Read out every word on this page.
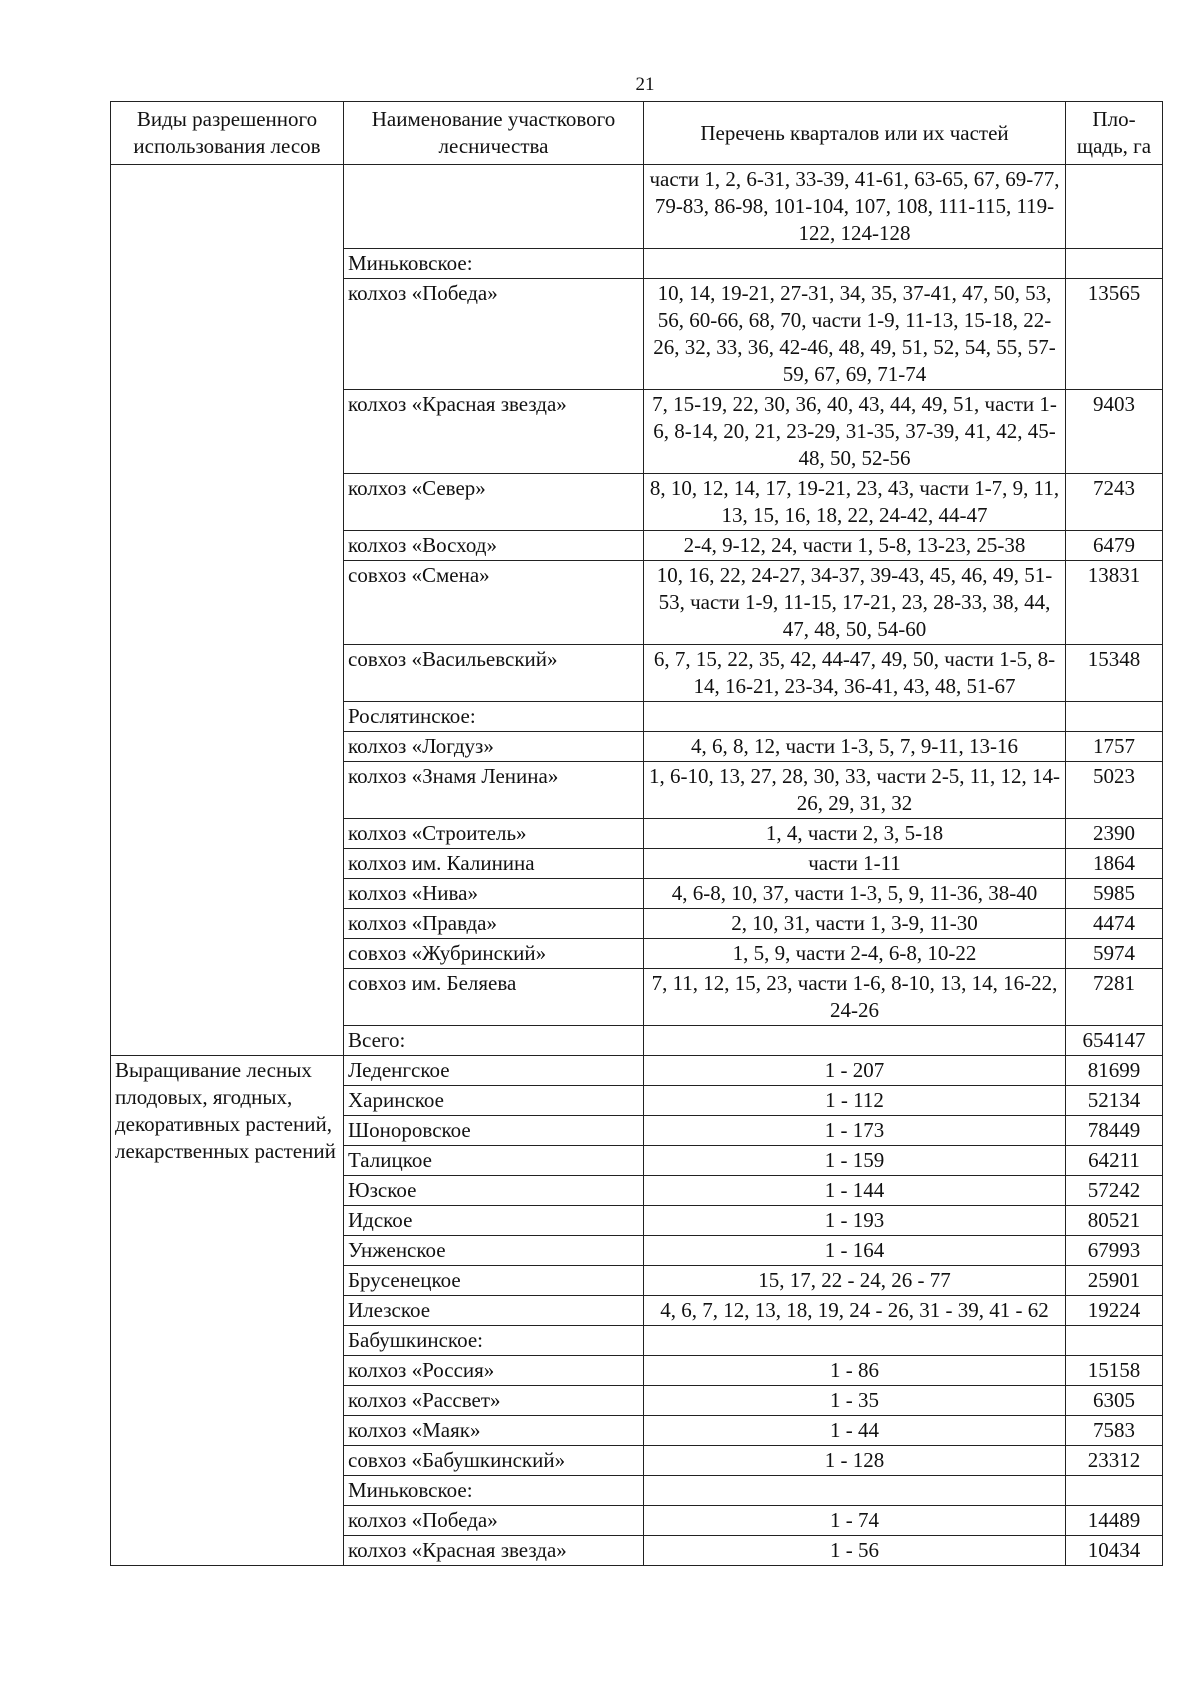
21
Виды разрешенного использования лесов	Наименование участкового лесничества	Перечень кварталов или их частей	Пло-щадь, га
		части 1, 2, 6-31, 33-39, 41-61, 63-65, 67, 69-77, 79-83, 86-98, 101-104, 107, 108, 111-115, 119-122, 124-128	
	Миньковское:		
	колхоз «Победа»	10, 14, 19-21, 27-31, 34, 35, 37-41, 47, 50, 53, 56, 60-66, 68, 70, части 1-9, 11-13, 15-18, 22-26, 32, 33, 36, 42-46, 48, 49, 51, 52, 54, 55, 57-59, 67, 69, 71-74	13565
	колхоз «Красная звезда»	7, 15-19, 22, 30, 36, 40, 43, 44, 49, 51, части 1-6, 8-14, 20, 21, 23-29, 31-35, 37-39, 41, 42, 45-48, 50, 52-56	9403
	колхоз «Север»	8, 10, 12, 14, 17, 19-21, 23, 43, части 1-7, 9, 11, 13, 15, 16, 18, 22, 24-42, 44-47	7243
	колхоз «Восход»	2-4, 9-12, 24, части 1, 5-8, 13-23, 25-38	6479
	совхоз «Смена»	10, 16, 22, 24-27, 34-37, 39-43, 45, 46, 49, 51-53, части 1-9, 11-15, 17-21, 23, 28-33, 38, 44, 47, 48, 50, 54-60	13831
	совхоз «Васильевский»	6, 7, 15, 22, 35, 42, 44-47, 49, 50, части 1-5, 8-14, 16-21, 23-34, 36-41, 43, 48, 51-67	15348
	Рослятинское:		
	колхоз «Логдуз»	4, 6, 8, 12, части 1-3, 5, 7, 9-11, 13-16	1757
	колхоз «Знамя Ленина»	1, 6-10, 13, 27, 28, 30, 33, части 2-5, 11, 12, 14-26, 29, 31, 32	5023
	колхоз «Строитель»	1, 4, части 2, 3, 5-18	2390
	колхоз им. Калинина	части 1-11	1864
	колхоз «Нива»	4, 6-8, 10, 37, части 1-3, 5, 9, 11-36, 38-40	5985
	колхоз «Правда»	2, 10, 31, части 1, 3-9, 11-30	4474
	совхоз «Жубринский»	1, 5, 9, части 2-4, 6-8, 10-22	5974
	совхоз им. Беляева	7, 11, 12, 15, 23, части 1-6, 8-10, 13, 14, 16-22, 24-26	7281
	Всего:		654147
Выращивание лесных плодовых, ягодных, декоративных растений, лекарственных растений	Леденгское	1 - 207	81699
	Харинское	1 - 112	52134
	Шоноровское	1 - 173	78449
	Талицкое	1 - 159	64211
	Юзское	1 - 144	57242
	Идское	1 - 193	80521
	Унженское	1 - 164	67993
	Брусенецкое	15, 17, 22 - 24, 26 - 77	25901
	Илезское	4, 6, 7, 12, 13, 18, 19, 24 - 26, 31 - 39, 41 - 62	19224
	Бабушкинское:		
	колхоз «Россия»	1 - 86	15158
	колхоз «Рассвет»	1 - 35	6305
	колхоз «Маяк»	1 - 44	7583
	совхоз «Бабушкинский»	1 - 128	23312
	Миньковское:		
	колхоз «Победа»	1 - 74	14489
	колхоз «Красная звезда»	1 - 56	10434
